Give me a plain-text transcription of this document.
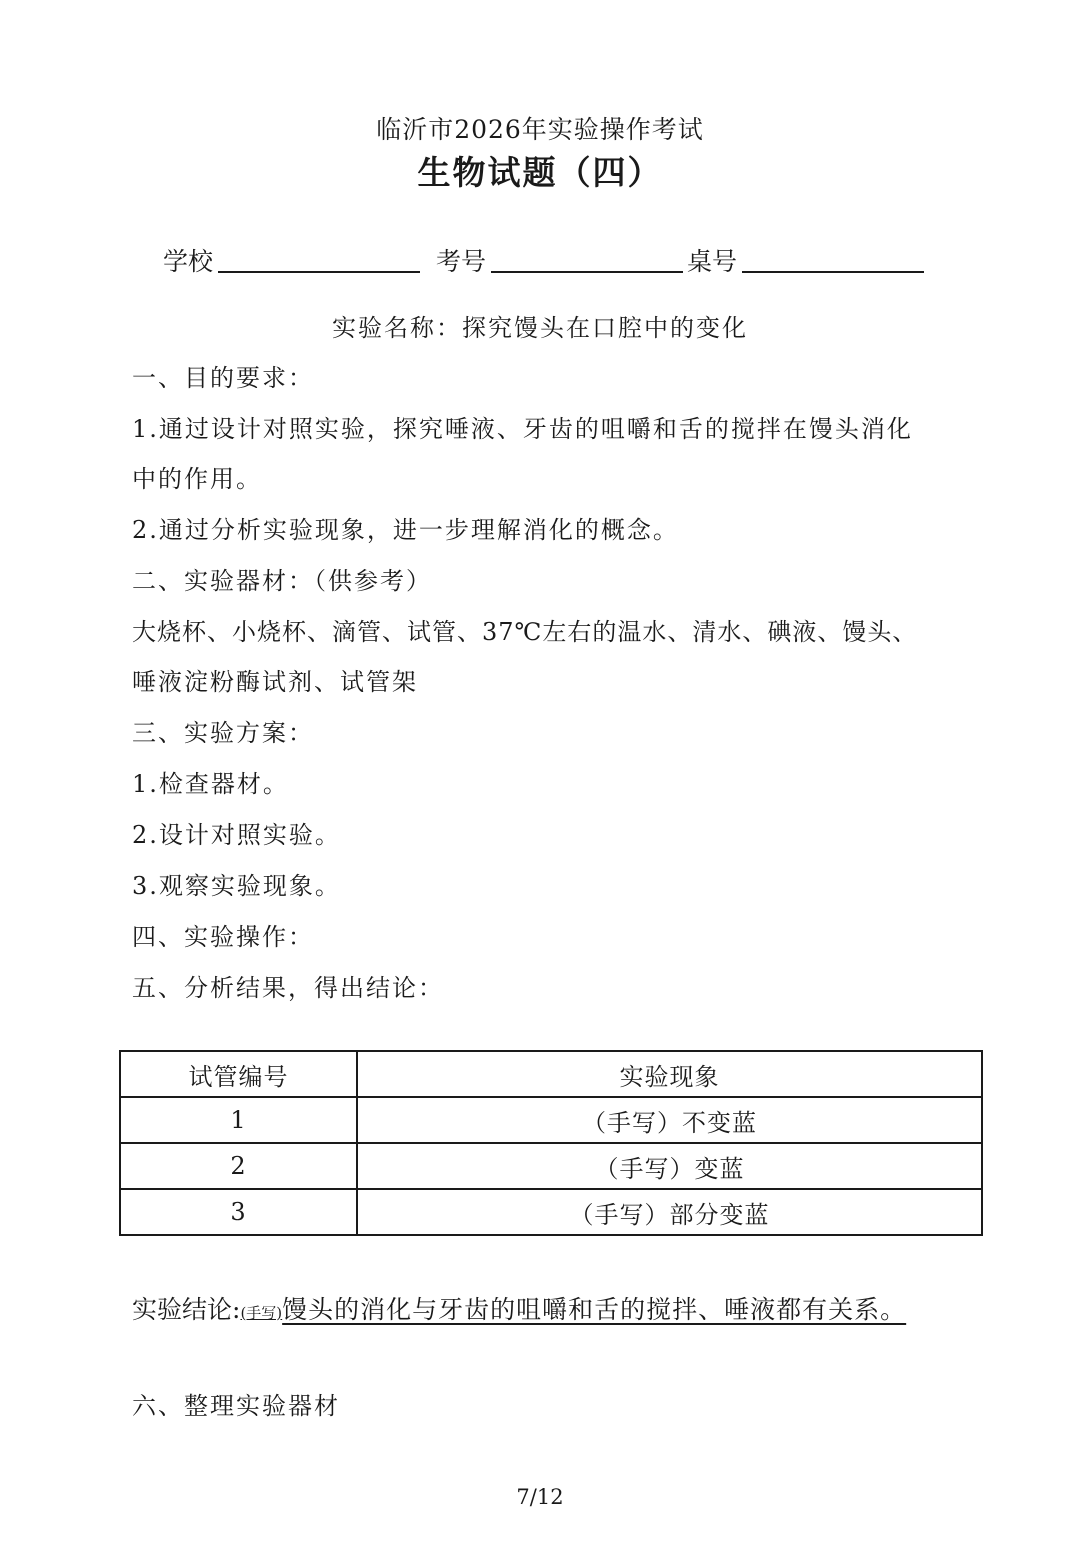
临沂市2026年实验操作考试
生物试题（四）
学校	考号	桌号
实验名称：探究馒头在口腔中的变化
一、目的要求：
1.通过设计对照实验，探究唾液、牙齿的咀嚼和舌的搅拌在馒头消化
中的作用。
2.通过分析实验现象，进一步理解消化的概念。
二、实验器材：（供参考）
大烧杯、小烧杯、滴管、试管、37℃左右的温水、清水、碘液、馒头、
唾液淀粉酶试剂、试管架
三、实验方案：
1.检查器材。
2.设计对照实验。
3.观察实验现象。
四、实验操作：
五、分析结果，得出结论：
试管编号	实验现象
1	（手写）不变蓝
2	（手写）变蓝
3	（手写）部分变蓝
实验结论:(手写)馒头的消化与牙齿的咀嚼和舌的搅拌、唾液都有关系。
六、整理实验器材
7/12
